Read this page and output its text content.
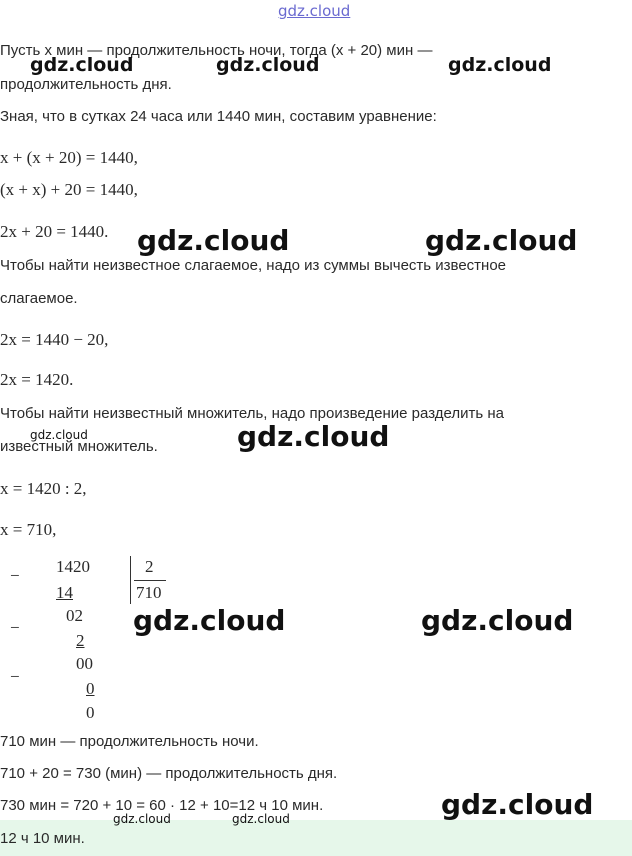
gdz.cloud
Пусть x мин — продолжительность ночи, тогда (x + 20) мин —
продолжительность дня.
Зная, что в сутках 24 часа или 1440 мин, составим уравнение:
x + (x + 20) = 1440,
(x + x) + 20 = 1440,
2x + 20 = 1440.
Чтобы найти неизвестное слагаемое, надо из суммы вычесть известное
слагаемое.
2x = 1440 − 20,
2x = 1420.
Чтобы найти неизвестный множитель, надо произведение разделить на
известный множитель.
x = 1420 : 2,
x = 710,
− 1420	2
710
14
−
02
2
−
00
0
0
710 мин — продолжительность ночи.
710 + 20 = 730 (мин) — продолжительность дня.
730 мин = 720 + 10 = 60 · 12 + 10=12 ч 10 мин.
12 ч 10 мин.
gdz.cloud	gdz.cloud	gdz.cloud
gdz.cloud	gdz.cloud
gdz.cloud	gdz.cloud
gdz.cloud	gdz.cloud
gdz.cloud
gdz.cloud	gdz.cloud
